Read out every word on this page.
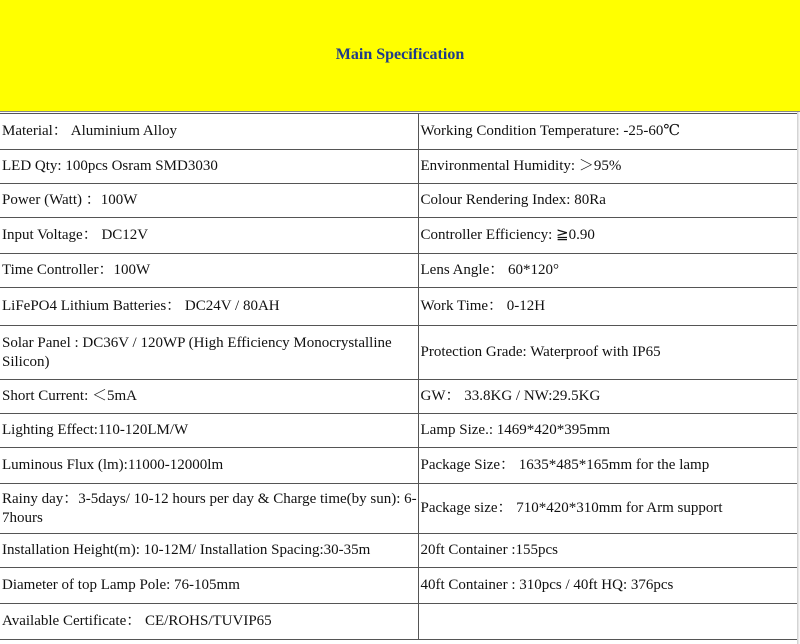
Main Specification
Material： Aluminium Alloy	Working Condition Temperature: -25-60℃
LED Qty: 100pcs Osram SMD3030	Environmental Humidity: ＞95%
Power (Watt) ：100W	Colour Rendering Index: 80Ra
Input Voltage： DC12V	Controller Efficiency: ≧0.90
Time Controller：100W	Lens Angle： 60*120°
LiFePO4 Lithium Batteries： DC24V / 80AH	Work Time： 0-12H
Solar Panel : DC36V / 120WP (High Efficiency Monocrystalline Silicon)	Protection Grade: Waterproof with IP65
Short Current: ＜5mA	GW： 33.8KG / NW:29.5KG
Lighting Effect:110-120LM/W	Lamp Size.: 1469*420*395mm
Luminous Flux (lm):11000-12000lm	Package Size： 1635*485*165mm for the lamp
Rainy day：3-5days/ 10-12 hours per day & Charge time(by sun): 6-7hours	Package size： 710*420*310mm for Arm support
Installation Height(m): 10-12M/ Installation Spacing:30-35m	20ft Container :155pcs
Diameter of top Lamp Pole: 76-105mm	40ft Container : 310pcs / 40ft HQ: 376pcs
Available Certificate： CE/ROHS/TUVIP65	
